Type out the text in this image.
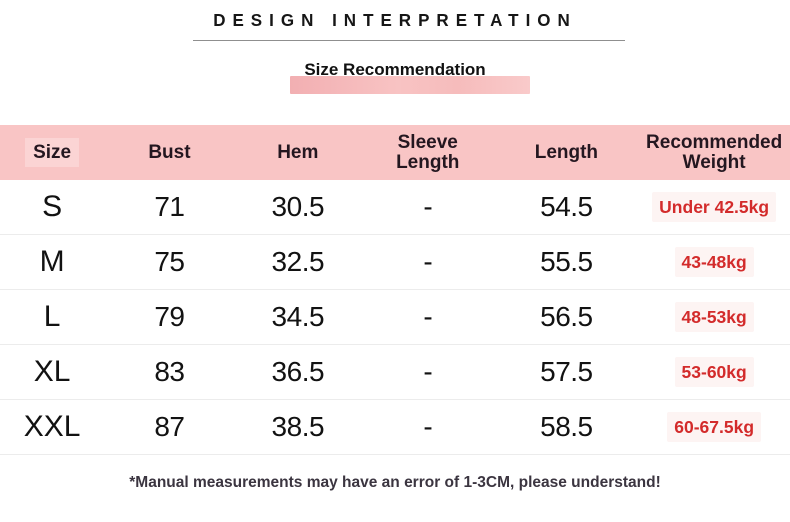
DESIGN INTERPRETATION
Size Recommendation
Size	Bust	Hem	Sleeve Length	Length	Recommended Weight
S	71	30.5	-	54.5	Under 42.5kg
M	75	32.5	-	55.5	43-48kg
L	79	34.5	-	56.5	48-53kg
XL	83	36.5	-	57.5	53-60kg
XXL	87	38.5	-	58.5	60-67.5kg
*Manual measurements may have an error of 1-3CM, please understand!
